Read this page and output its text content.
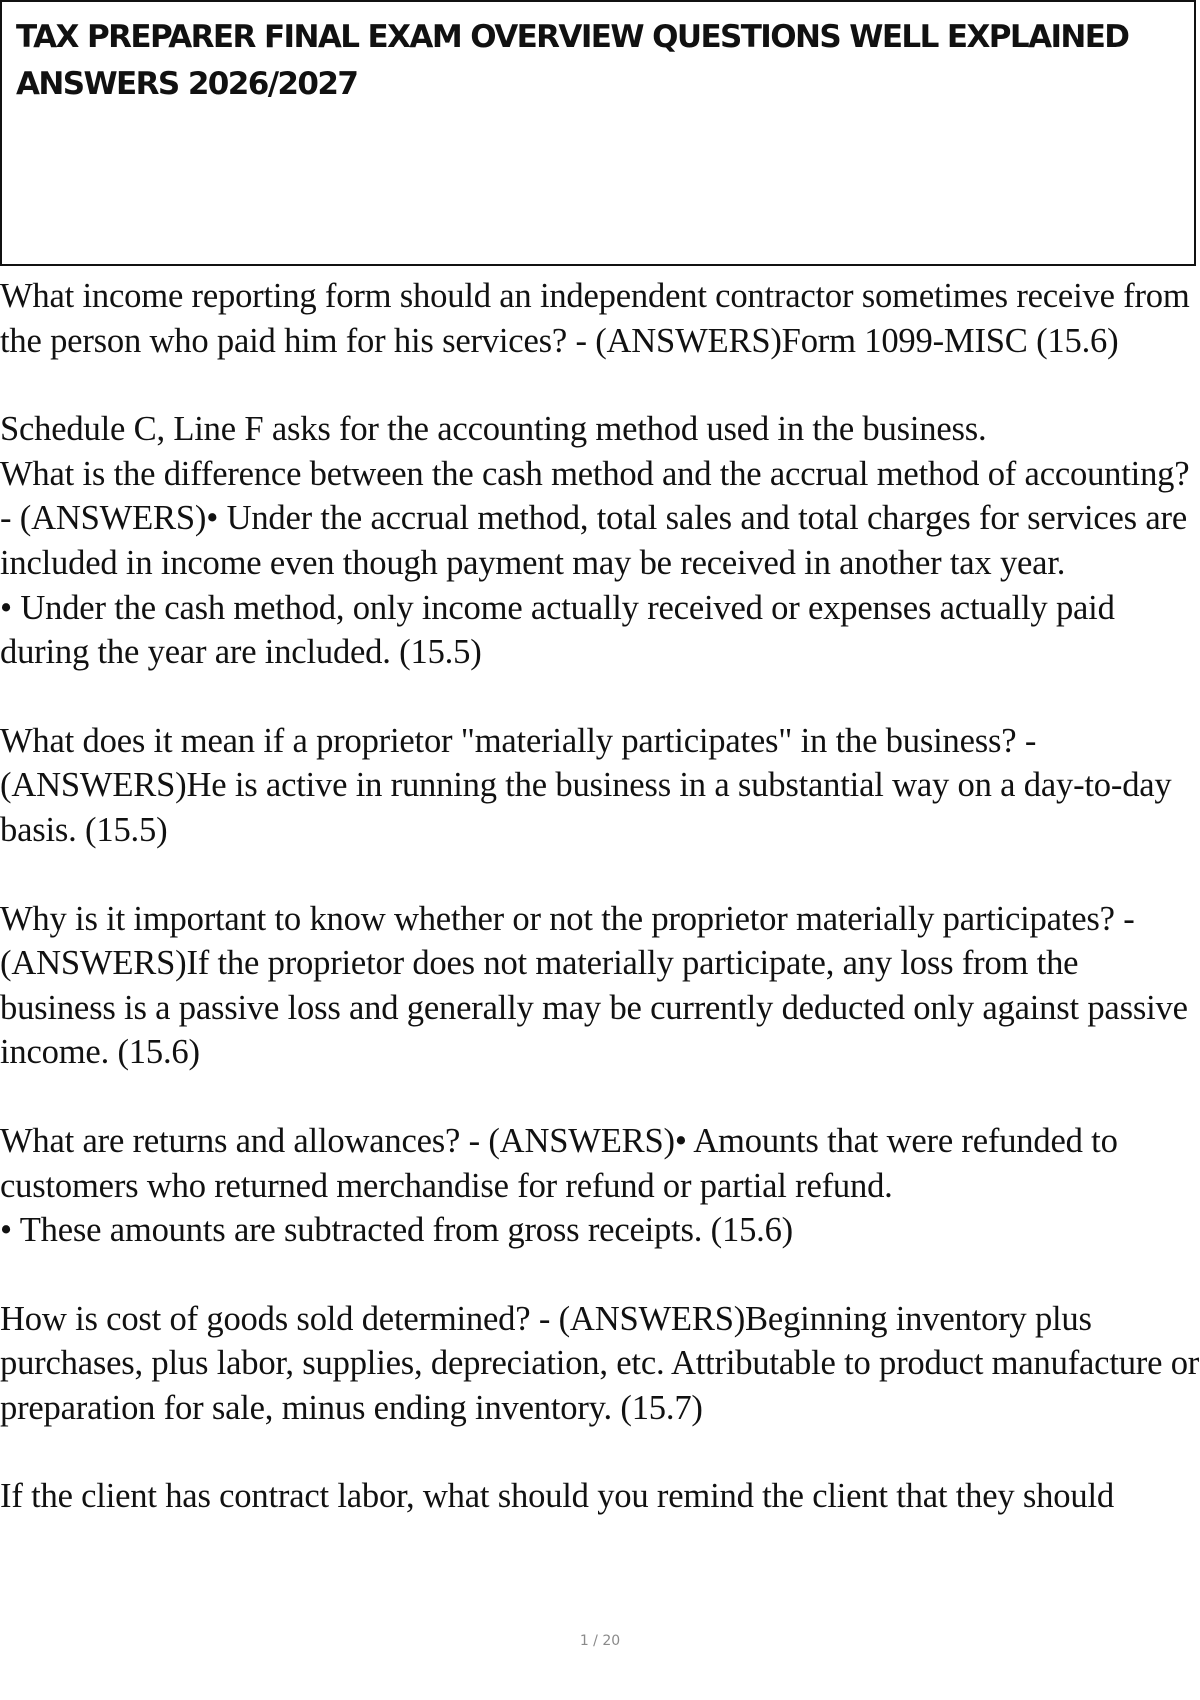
TAX PREPARER FINAL EXAM OVERVIEW QUESTIONS WELL EXPLAINED ANSWERS 2026/2027

What income reporting form should an independent contractor sometimes receive from the person who paid him for his services? - (ANSWERS)Form 1099-MISC (15.6)

Schedule C, Line F asks for the accounting method used in the business.
What is the difference between the cash method and the accrual method of accounting? - (ANSWERS)• Under the accrual method, total sales and total charges for services are included in income even though payment may be received in another tax year.
• Under the cash method, only income actually received or expenses actually paid during the year are included. (15.5)

What does it mean if a proprietor "materially participates" in the business? - (ANSWERS)He is active in running the business in a substantial way on a day-to-day basis. (15.5)

Why is it important to know whether or not the proprietor materially participates? - (ANSWERS)If the proprietor does not materially participate, any loss from the business is a passive loss and generally may be currently deducted only against passive income. (15.6)

What are returns and allowances? - (ANSWERS)• Amounts that were refunded to customers who returned merchandise for refund or partial refund.
• These amounts are subtracted from gross receipts. (15.6)

How is cost of goods sold determined? - (ANSWERS)Beginning inventory plus purchases, plus labor, supplies, depreciation, etc. Attributable to product manufacture or preparation for sale, minus ending inventory. (15.7)

If the client has contract labor, what should you remind the client that they should

1 / 20
